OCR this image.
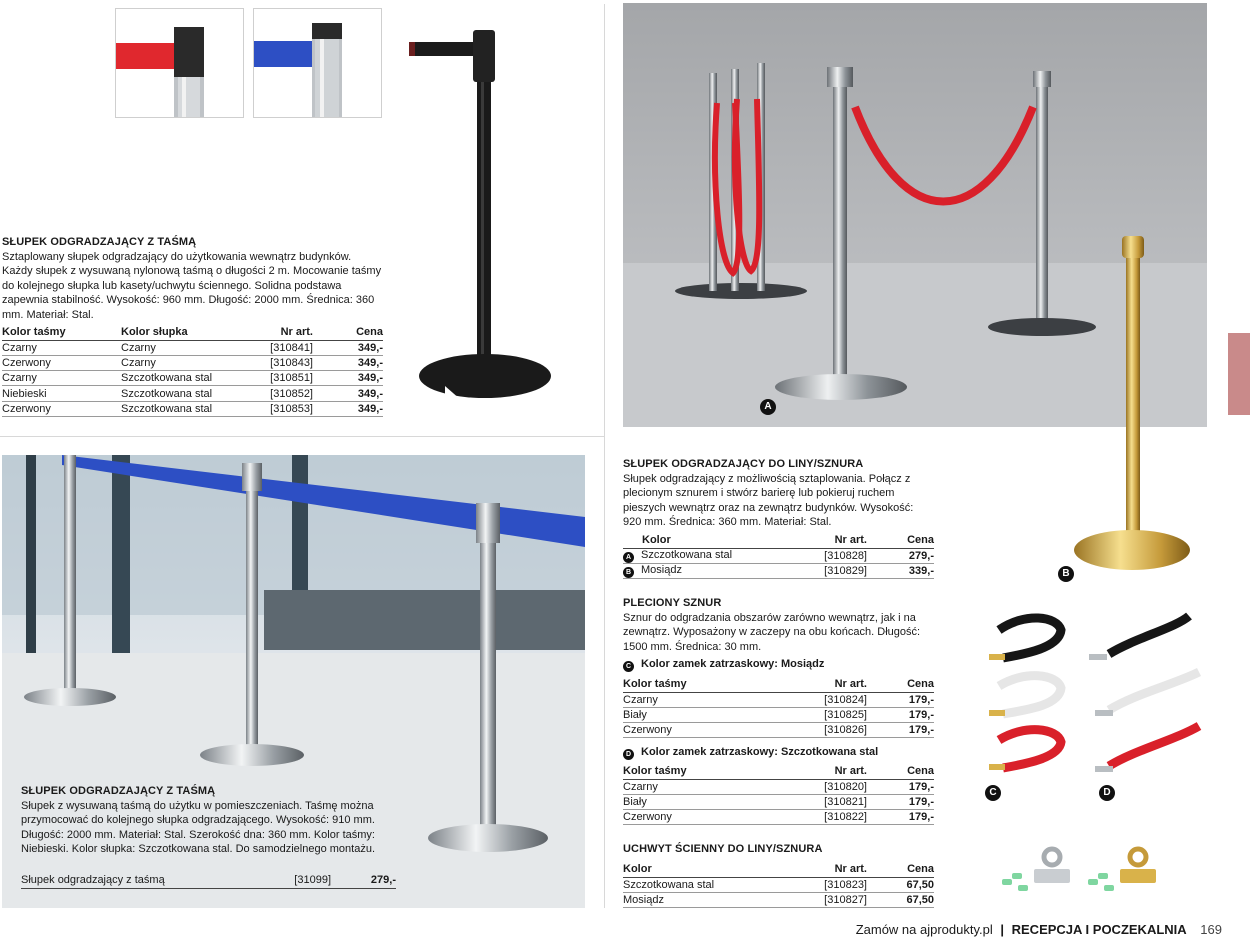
SŁUPEK ODGRADZAJĄCY Z TAŚMĄ
Sztaplowany słupek odgradzający do użytkowania wewnątrz budynków. Każdy słupek z wysuwaną nylonową taśmą o długości 2 m. Mocowanie taśmy do kolejnego słupka lub kasety/uchwytu ściennego. Solidna podstawa zapewnia stabilność. Wysokość: 960 mm. Długość: 2000 mm. Średnica: 360 mm. Materiał: Stal.
Kolor taśmy	Kolor słupka	Nr art.	Cena
Czarny	Czarny	[310841]	349,-
Czerwony	Czarny	[310843]	349,-
Czarny	Szczotkowana stal	[310851]	349,-
Niebieski	Szczotkowana stal	[310852]	349,-
Czerwony	Szczotkowana stal	[310853]	349,-
SŁUPEK ODGRADZAJĄCY Z TAŚMĄ
Słupek z wysuwaną taśmą do użytku w pomieszczeniach. Taśmę można przymocować do kolejnego słupka odgradzającego. Wysokość: 910 mm. Długość: 2000 mm. Materiał: Stal. Szerokość dna: 360 mm. Kolor taśmy: Niebieski. Kolor słupka: Szczotkowana stal. Do samodzielnego montażu.
Słupek odgradzający z taśmą	[31099]	279,-
A
B
SŁUPEK ODGRADZAJĄCY DO LINY/SZNURA
Słupek odgradzający z możliwością sztaplowania. Połącz z plecionym sznurem i stwórz barierę lub pokieruj ruchem pieszych wewnątrz oraz na zewnątrz budynków. Wysokość: 920 mm. Średnica: 360 mm. Materiał: Stal.
Kolor	Nr art.	Cena
A Szczotkowana stal	[310828]	279,-
B Mosiądz	[310829]	339,-
PLECIONY SZNUR
Sznur do odgradzania obszarów zarówno wewnątrz, jak i na zewnątrz. Wyposażony w zaczepy na obu końcach. Długość: 1500 mm. Średnica: 30 mm.
C Kolor zamek zatrzaskowy: Mosiądz
Kolor taśmy	Nr art.	Cena
Czarny	[310824]	179,-
Biały	[310825]	179,-
Czerwony	[310826]	179,-
D Kolor zamek zatrzaskowy: Szczotkowana stal
Kolor taśmy	Nr art.	Cena
Czarny	[310820]	179,-
Biały	[310821]	179,-
Czerwony	[310822]	179,-
UCHWYT ŚCIENNY DO LINY/SZNURA
Kolor	Nr art.	Cena
Szczotkowana stal	[310823]	67,50
Mosiądz	[310827]	67,50
C	D
Zamów na ajprodukty.pl | RECEPCJA I POCZEKALNIA 169
